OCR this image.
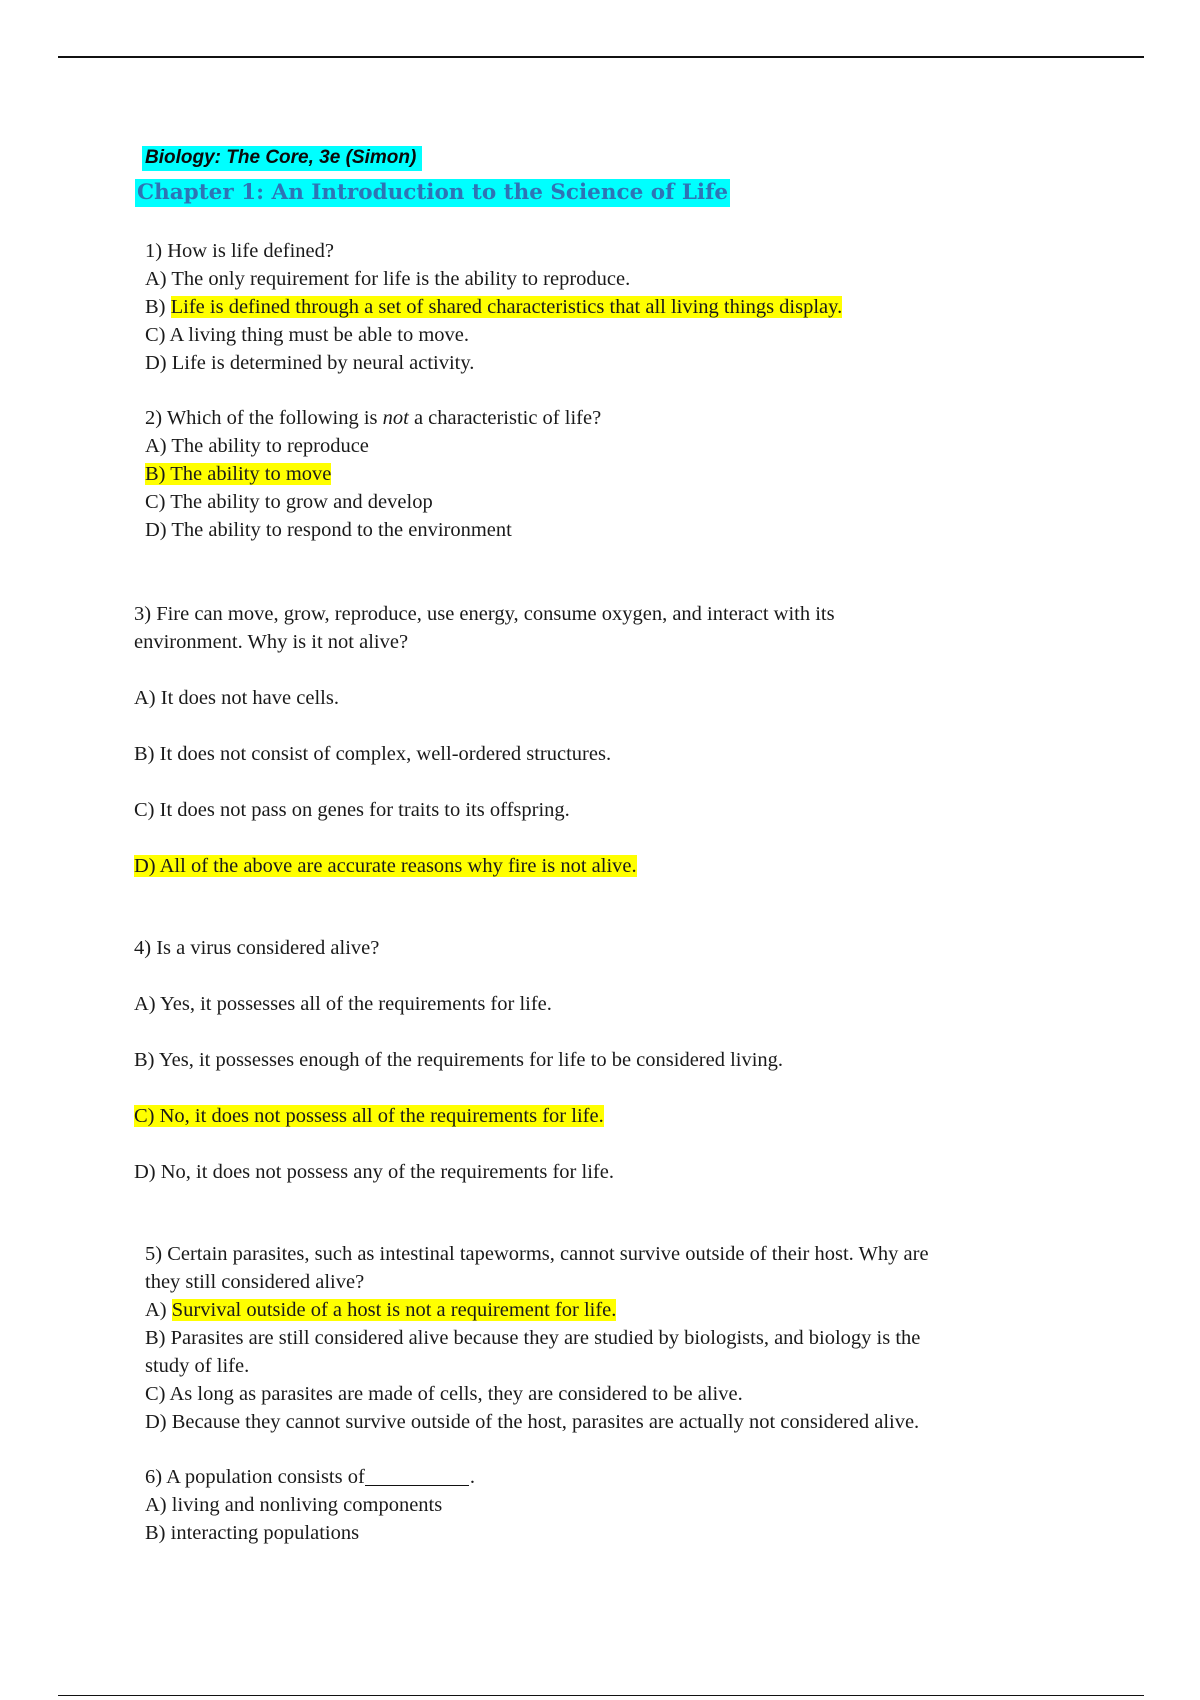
Biology: The Core, 3e (Simon)
Chapter 1: An Introduction to the Science of Life
1) How is life defined?
A) The only requirement for life is the ability to reproduce.
B) Life is defined through a set of shared characteristics that all living things display.
C) A living thing must be able to move.
D) Life is determined by neural activity.
2) Which of the following is not a characteristic of life?
A) The ability to reproduce
B) The ability to move
C) The ability to grow and develop
D) The ability to respond to the environment
3) Fire can move, grow, reproduce, use energy, consume oxygen, and interact with its
environment. Why is it not alive?
A) It does not have cells.
B) It does not consist of complex, well-ordered structures.
C) It does not pass on genes for traits to its offspring.
D) All of the above are accurate reasons why fire is not alive.
4) Is a virus considered alive?
A) Yes, it possesses all of the requirements for life.
B) Yes, it possesses enough of the requirements for life to be considered living.
C) No, it does not possess all of the requirements for life.
D) No, it does not possess any of the requirements for life.
5) Certain parasites, such as intestinal tapeworms, cannot survive outside of their host. Why are
they still considered alive?
A) Survival outside of a host is not a requirement for life.
B) Parasites are still considered alive because they are studied by biologists, and biology is the
study of life.
C) As long as parasites are made of cells, they are considered to be alive.
D) Because they cannot survive outside of the host, parasites are actually not considered alive.
6) A population consists of	.
A) living and nonliving components
B) interacting populations
